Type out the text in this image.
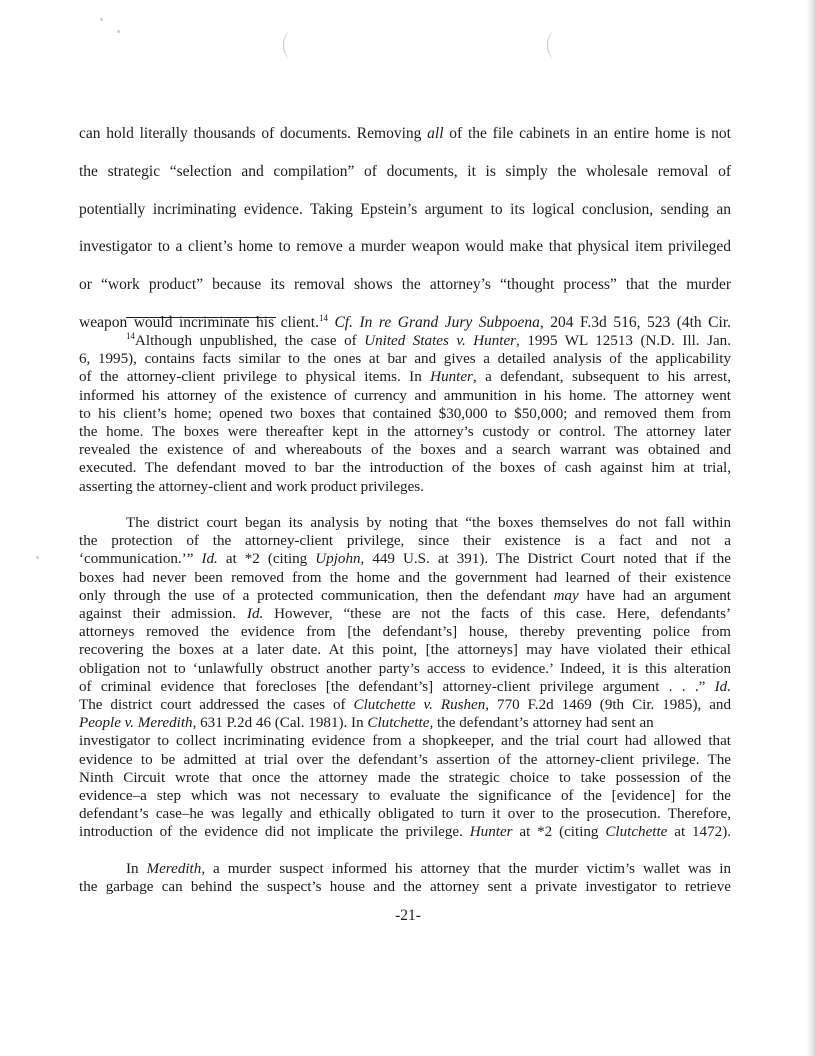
can hold literally thousands of documents. Removing all of the file cabinets in an entire home is not
the strategic “selection and compilation” of documents, it is simply the wholesale removal of
potentially incriminating evidence. Taking Epstein’s argument to its logical conclusion, sending an
investigator to a client’s home to remove a murder weapon would make that physical item privileged
or “work product” because its removal shows the attorney’s “thought process” that the murder
weapon would incriminate his client.$^{14}$ Cf. In re Grand Jury Subpoena, 204 F.3d 516, 523 (4th Cir.
$^{14}$Although unpublished, the case of United States v. Hunter, 1995 WL 12513 (N.D. Ill. Jan.
6, 1995), contains facts similar to the ones at bar and gives a detailed analysis of the applicability
of the attorney-client privilege to physical items. In Hunter, a defendant, subsequent to his arrest,
informed his attorney of the existence of currency and ammunition in his home. The attorney went
to his client’s home; opened two boxes that contained $30,000 to $50,000; and removed them from
the home. The boxes were thereafter kept in the attorney’s custody or control. The attorney later
revealed the existence of and whereabouts of the boxes and a search warrant was obtained and
executed. The defendant moved to bar the introduction of the boxes of cash against him at trial,
asserting the attorney-client and work product privileges.
The district court began its analysis by noting that “the boxes themselves do not fall within
the protection of the attorney-client privilege, since their existence is a fact and not a
‘communication.’” Id. at *2 (citing Upjohn, 449 U.S. at 391). The District Court noted that if the
boxes had never been removed from the home and the government had learned of their existence
only through the use of a protected communication, then the defendant may have had an argument
against their admission. Id. However, “these are not the facts of this case. Here, defendants’
attorneys removed the evidence from [the defendant’s] house, thereby preventing police from
recovering the boxes at a later date. At this point, [the attorneys] may have violated their ethical
obligation not to ‘unlawfully obstruct another party’s access to evidence.’ Indeed, it is this alteration
of criminal evidence that forecloses [the defendant’s] attorney-client privilege argument . . .” Id.
The district court addressed the cases of Clutchette v. Rushen, 770 F.2d 1469 (9th Cir. 1985), and
People v. Meredith, 631 P.2d 46 (Cal. 1981). In Clutchette, the defendant’s attorney had sent an
investigator to collect incriminating evidence from a shopkeeper, and the trial court had allowed that
evidence to be admitted at trial over the defendant’s assertion of the attorney-client privilege. The
Ninth Circuit wrote that once the attorney made the strategic choice to take possession of the
evidence–a step which was not necessary to evaluate the significance of the [evidence] for the
defendant’s case–he was legally and ethically obligated to turn it over to the prosecution. Therefore,
introduction of the evidence did not implicate the privilege. Hunter at *2 (citing Clutchette at 1472).
In Meredith, a murder suspect informed his attorney that the murder victim’s wallet was in
the garbage can behind the suspect’s house and the attorney sent a private investigator to retrieve
-21-
